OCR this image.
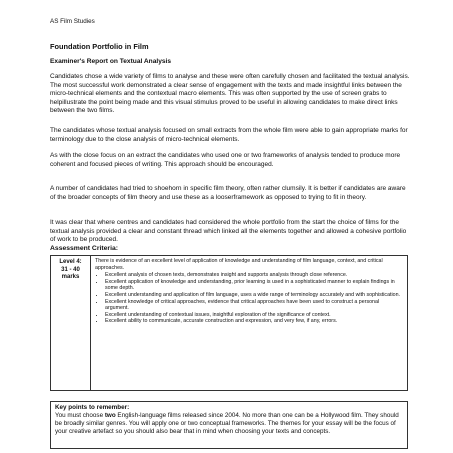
AS Film Studies
Foundation Portfolio in Film
Examiner's Report on Textual Analysis

Candidates chose a wide variety of films to analyse and these were often carefully chosen and facilitated the textual analysis. The most successful work demonstrated a clear sense of engagement with the texts and made insightful links between the micro-technical elements and the contextual macro elements. This was often supported by the use of screen grabs to helpillustrate the point being made and this visual stimulus proved to be useful in allowing candidates to make direct links between the two films.

The candidates whose textual analysis focused on small extracts from the whole film were able to gain appropriate marks for terminology due to the close analysis of micro-technical elements.

As with the close focus on an extract the candidates who used one or two frameworks of analysis tended to produce more coherent and focused pieces of writing. This approach should be encouraged.

A number of candidates had tried to shoehorn in specific film theory, often rather clumsily. It is better if candidates are aware of the broader concepts of film theory and use these as a looserframework as opposed to trying to fit in theory.

It was clear that where centres and candidates had considered the whole portfolio from the start the choice of films for the textual analysis provided a clear and constant thread which linked all the elements together and allowed a cohesive portfolio of work to be produced.

Assessment Criteria:
Level 4:
31 - 40 marks

There is evidence of an excellent level of application of knowledge and understanding of film language, context, and critical approaches.

• Excellent analysis of chosen texts, demonstrates insight and supports analysis through close reference.
• Excellent application of knowledge and understanding, prior learning is used in a sophisticated manner to explain findings in some depth.
• Excellent understanding and application of film language, uses a wide range of terminology accurately and with sophistication.
• Excellent knowledge of critical approaches, evidence that critical approaches have been used to construct a personal argument.
• Excellent understanding of contextual issues, insightful exploration of the significance of context.
• Excellent ability to communicate, accurate construction and expression, and very few, if any, errors.
Key points to remember:
You must choose two English-language films released since 2004. No more than one can be a Hollywood film. They should be broadly similar genres. You will apply one or two conceptual frameworks. The themes for your essay will be the focus of your creative artefact so you should also bear that in mind when choosing your texts and concepts.
